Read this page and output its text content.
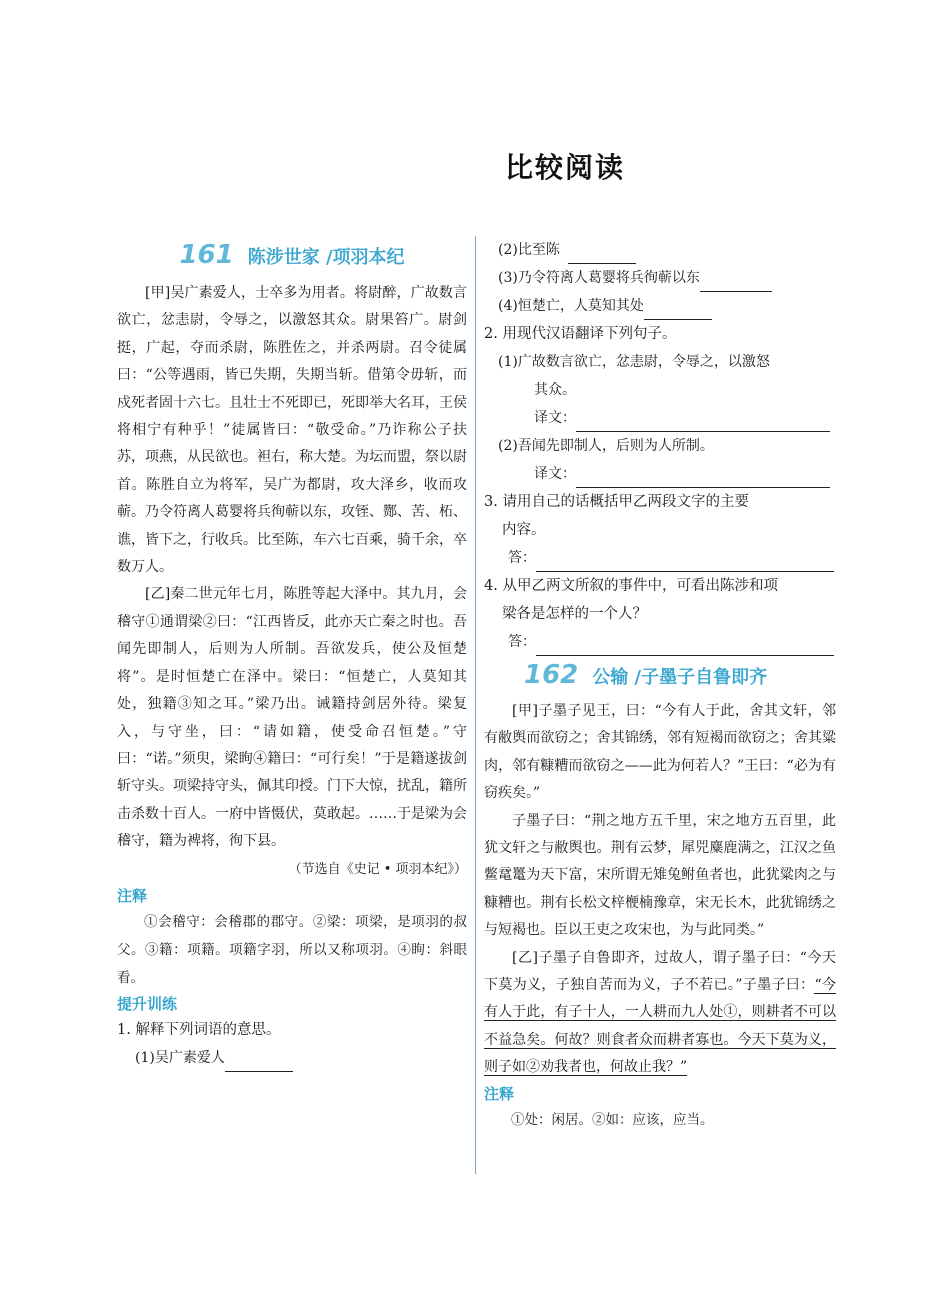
比较阅读
161 陈涉世家 /项羽本纪

[甲]吴广素爱人，士卒多为用者。将尉醉，广故数言欲亡，忿恚尉，令辱之，以激怒其众。尉果笞广。尉剑挺，广起，夺而杀尉，陈胜佐之，并杀两尉。召令徒属曰：“公等遇雨，皆已失期，失期当斩。借第令毋斩，而戍死者固十六七。且壮士不死即已，死即举大名耳，王侯将相宁有种乎！”徒属皆曰：“敬受命。”乃诈称公子扶苏，项燕，从民欲也。袒右，称大楚。为坛而盟，祭以尉首。陈胜自立为将军，吴广为都尉，攻大泽乡，收而攻蕲。乃令符离人葛婴将兵徇蕲以东，攻铚、酂、苦、柘、谯，皆下之，行收兵。比至陈，车六七百乘，骑千余，卒数万人。

[乙]秦二世元年七月，陈胜等起大泽中。其九月，会稽守①通谓梁②曰：“江西皆反，此亦天亡秦之时也。吾闻先即制人，后则为人所制。吾欲发兵，使公及恒楚将”。是时恒楚亡在泽中。梁曰：“恒楚亡，人莫知其处，独籍③知之耳。”梁乃出。诫籍持剑居外待。梁复入，与守坐，曰：“请如籍，使受命召恒楚。”守曰：“诺。”须臾，梁眴④籍曰：“可行矣！”于是籍遂拔剑斩守头。项梁持守头，佩其印授。门下大惊，扰乱，籍所击杀数十百人。一府中皆慑伏，莫敢起。……于是梁为会稽守，籍为裨将，徇下县。

（节选自《史记 • 项羽本纪》）

注释

①会稽守：会稽郡的郡守。②梁：项梁，是项羽的叔父。③籍：项籍。项籍字羽，所以又称项羽。④眴：斜眼看。

提升训练
1. 解释下列词语的意思。
(1)吴广素爱人
(2)比至陈
(3)乃令符离人葛婴将兵徇蕲以东
(4)恒楚亡，人莫知其处
2. 用现代汉语翻译下列句子。
(1)广故数言欲亡，忿恚尉，令辱之，以激怒
其众。
译文：
(2)吾闻先即制人，后则为人所制。
译文：
3. 请用自己的话概括甲乙两段文字的主要
内容。
答：
4. 从甲乙两文所叙的事件中，可看出陈涉和项
梁各是怎样的一个人？
答：
162 公输 /子墨子自鲁即齐

[甲]子墨子见王，曰：“今有人于此，舍其文轩，邻有敝舆而欲窃之；舍其锦绣，邻有短褐而欲窃之；舍其粱肉，邻有糠糟而欲窃之——此为何若人？”王曰：“必为有窃疾矣。”

子墨子曰：“荆之地方五千里，宋之地方五百里，此犹文轩之与敝舆也。荆有云梦，犀兕麋鹿满之，江汉之鱼鳖鼋鼍为天下富，宋所谓无雉兔鲋鱼者也，此犹粱肉之与糠糟也。荆有长松文梓楩楠豫章，宋无长木，此犹锦绣之与短褐也。臣以王吏之攻宋也，为与此同类。”

[乙]子墨子自鲁即齐，过故人，谓子墨子曰：“今天下莫为义，子独自苦而为义，子不若已。”子墨子曰：“今有人于此，有子十人，一人耕而九人处①，则耕者不可以不益急矣。何故？则食者众而耕者寡也。今天下莫为义，则子如②劝我者也，何故止我？”

注释

①处：闲居。②如：应该，应当。
